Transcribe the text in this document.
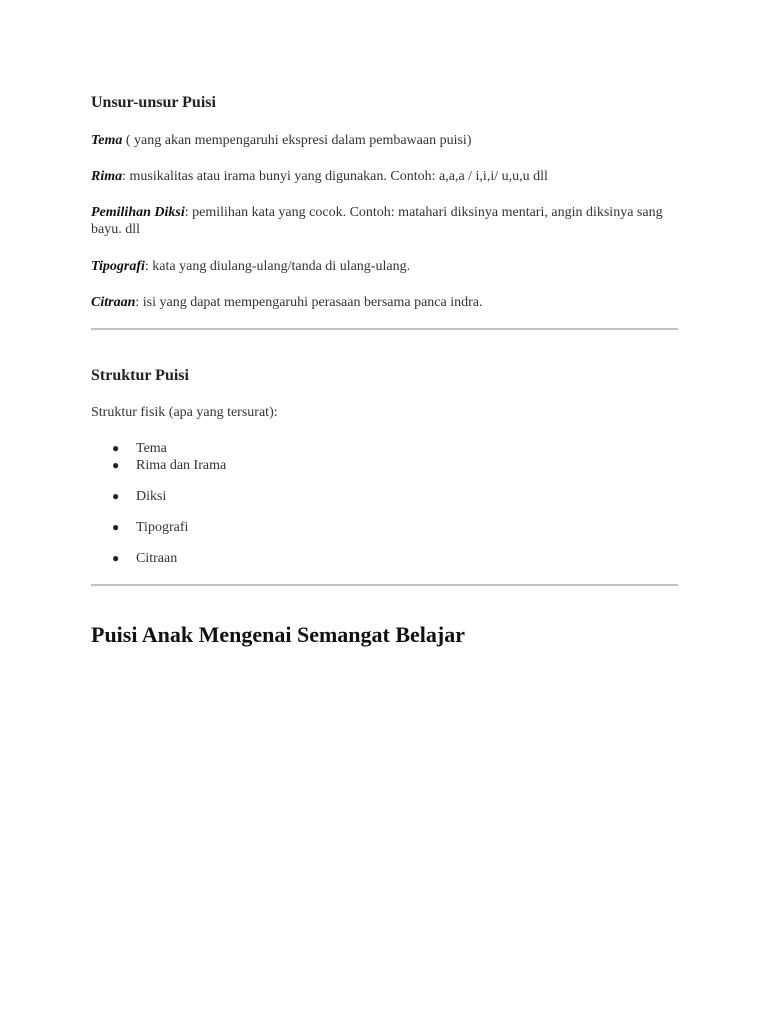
Unsur-unsur Puisi

Tema ( yang akan mempengaruhi ekspresi dalam pembawaan puisi)

Rima: musikalitas atau irama bunyi yang digunakan. Contoh: a,a,a / i,i,i/ u,u,u dll

Pemilihan Diksi: pemilihan kata yang cocok. Contoh: matahari diksinya mentari, angin diksinya sang bayu. dll

Tipografi: kata yang diulang-ulang/tanda di ulang-ulang.

Citraan: isi yang dapat mempengaruhi perasaan bersama panca indra.

Struktur Puisi

Struktur fisik (apa yang tersurat):

● Tema
● Rima dan Irama
● Diksi
● Tipografi
● Citraan
Puisi Anak Mengenai Semangat Belajar
